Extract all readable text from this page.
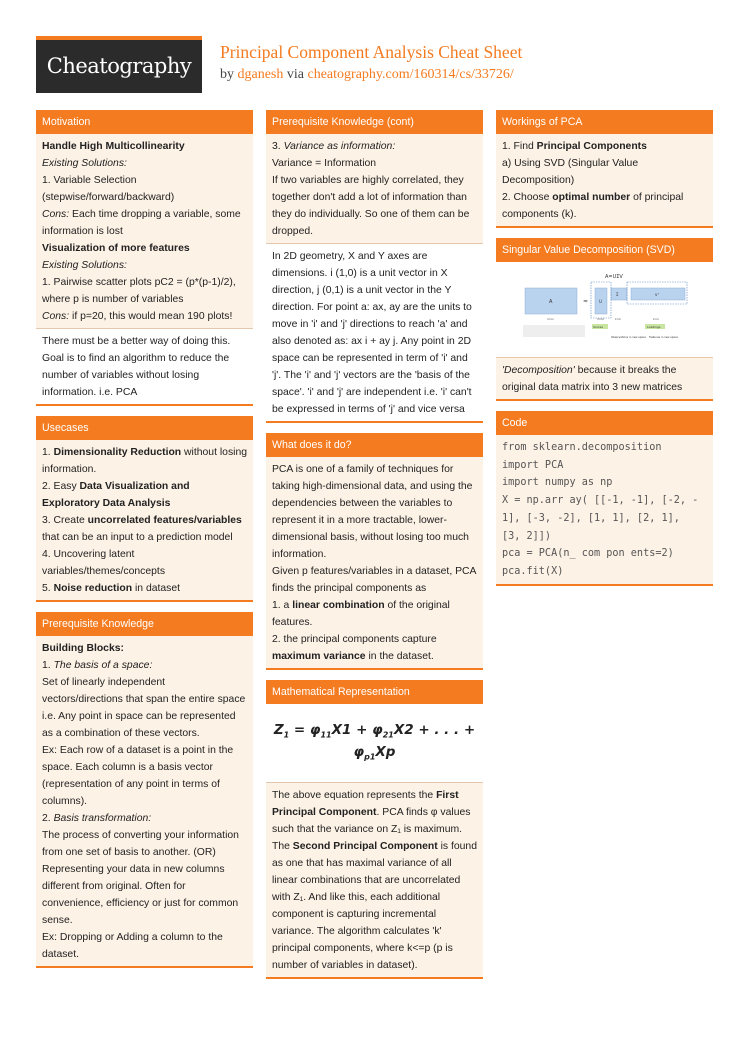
Cheatography
Principal Component Analysis Cheat Sheet
by dganesh via cheatography.com/160314/cs/33726/
Motivation
Handle High Multicollinearity
Existing Solutions:
1. Variable Selection (stepwise/forward/backward)
Cons: Each time dropping a variable, some information is lost
Visualization of more features
Existing Solutions:
1. Pairwise scatter plots pC2 = (p*(p-1)/2), where p is number of variables
Cons: if p=20, this would mean 190 plots!
There must be a better way of doing this. Goal is to find an algorithm to reduce the number of variables without losing information. i.e. PCA
Usecases
1. Dimensionality Reduction without losing information.
2. Easy Data Visualization and Exploratory Data Analysis
3. Create uncorrelated features/variables that can be an input to a prediction model
4. Uncovering latent variables/themes/concepts
5. Noise reduction in dataset
Prerequisite Knowledge
Building Blocks:
1. The basis of a space:
Set of linearly independent vectors/directions that span the entire space i.e. Any point in space can be represented as a combination of these vectors.
Ex: Each row of a dataset is a point in the space. Each column is a basis vector (representation of any point in terms of columns).
2. Basis transformation:
The process of converting your information from one set of basis to another. (OR) Representing your data in new columns different from original. Often for convenience, efficiency or just for common sense.
Ex: Dropping or Adding a column to the dataset.
Prerequisite Knowledge (cont)
3. Variance as information:
Variance = Information
If two variables are highly correlated, they together don't add a lot of information than they do individually. So one of them can be dropped.
In 2D geometry, X and Y axes are dimensions. i (1,0) is a unit vector in X direction, j (0,1) is a unit vector in the Y direction. For point a: ax, ay are the units to move in 'i' and 'j' directions to reach 'a' and also denoted as: ax i + ay j. Any point in 2D space can be represented in term of 'i' and 'j'. The 'i' and 'j' vectors are the 'basis of the space'. 'i' and 'j' are independent i.e. 'i' can't be expressed in terms of 'j' and vice versa
What does it do?
PCA is one of a family of techniques for taking high-dimensional data, and using the dependencies between the variables to represent it in a more tractable, lower-dimensional basis, without losing too much information.
Given p features/variables in a dataset, PCA finds the principal components as
1. a linear combination of the original features.
2. the principal components capture maximum variance in the dataset.
Mathematical Representation
$Z_1 = \varphi_{11}X1 + \varphi_{21}X2$ + . . . + $\varphi_{p1}Xp$
The above equation represents the First Principal Component. PCA finds φ values such that the variance on Z₁ is maximum. The Second Principal Component is found as one that has maximal variance of all linear combinations that are uncorrelated with Z₁. And like this, each additional component is capturing incremental variance. The algorithm calculates 'k' principal components, where k<=p (p is number of variables in dataset).
Workings of PCA
1. Find Principal Components
a) Using SVD (Singular Value Decomposition)
2. Choose optimal number of principal components (k).
Singular Value Decomposition (SVD)
A=UΣV
A	≈	U
Σ	vᵀ
m×n	m×k	k×k	k×n
Scores	Loadings
Observations in new space Features in new space
'Decomposition' because it breaks the original data matrix into 3 new matrices
Code
from sklearn.decomposition
import PCA
import numpy as np
X = np.arr ay( [[-1, -1], [-2, -
1], [-3, -2], [1, 1], [2, 1],
[3, 2]])
pca = PCA(n_ com pon ents=2)
pca.fit(X)
